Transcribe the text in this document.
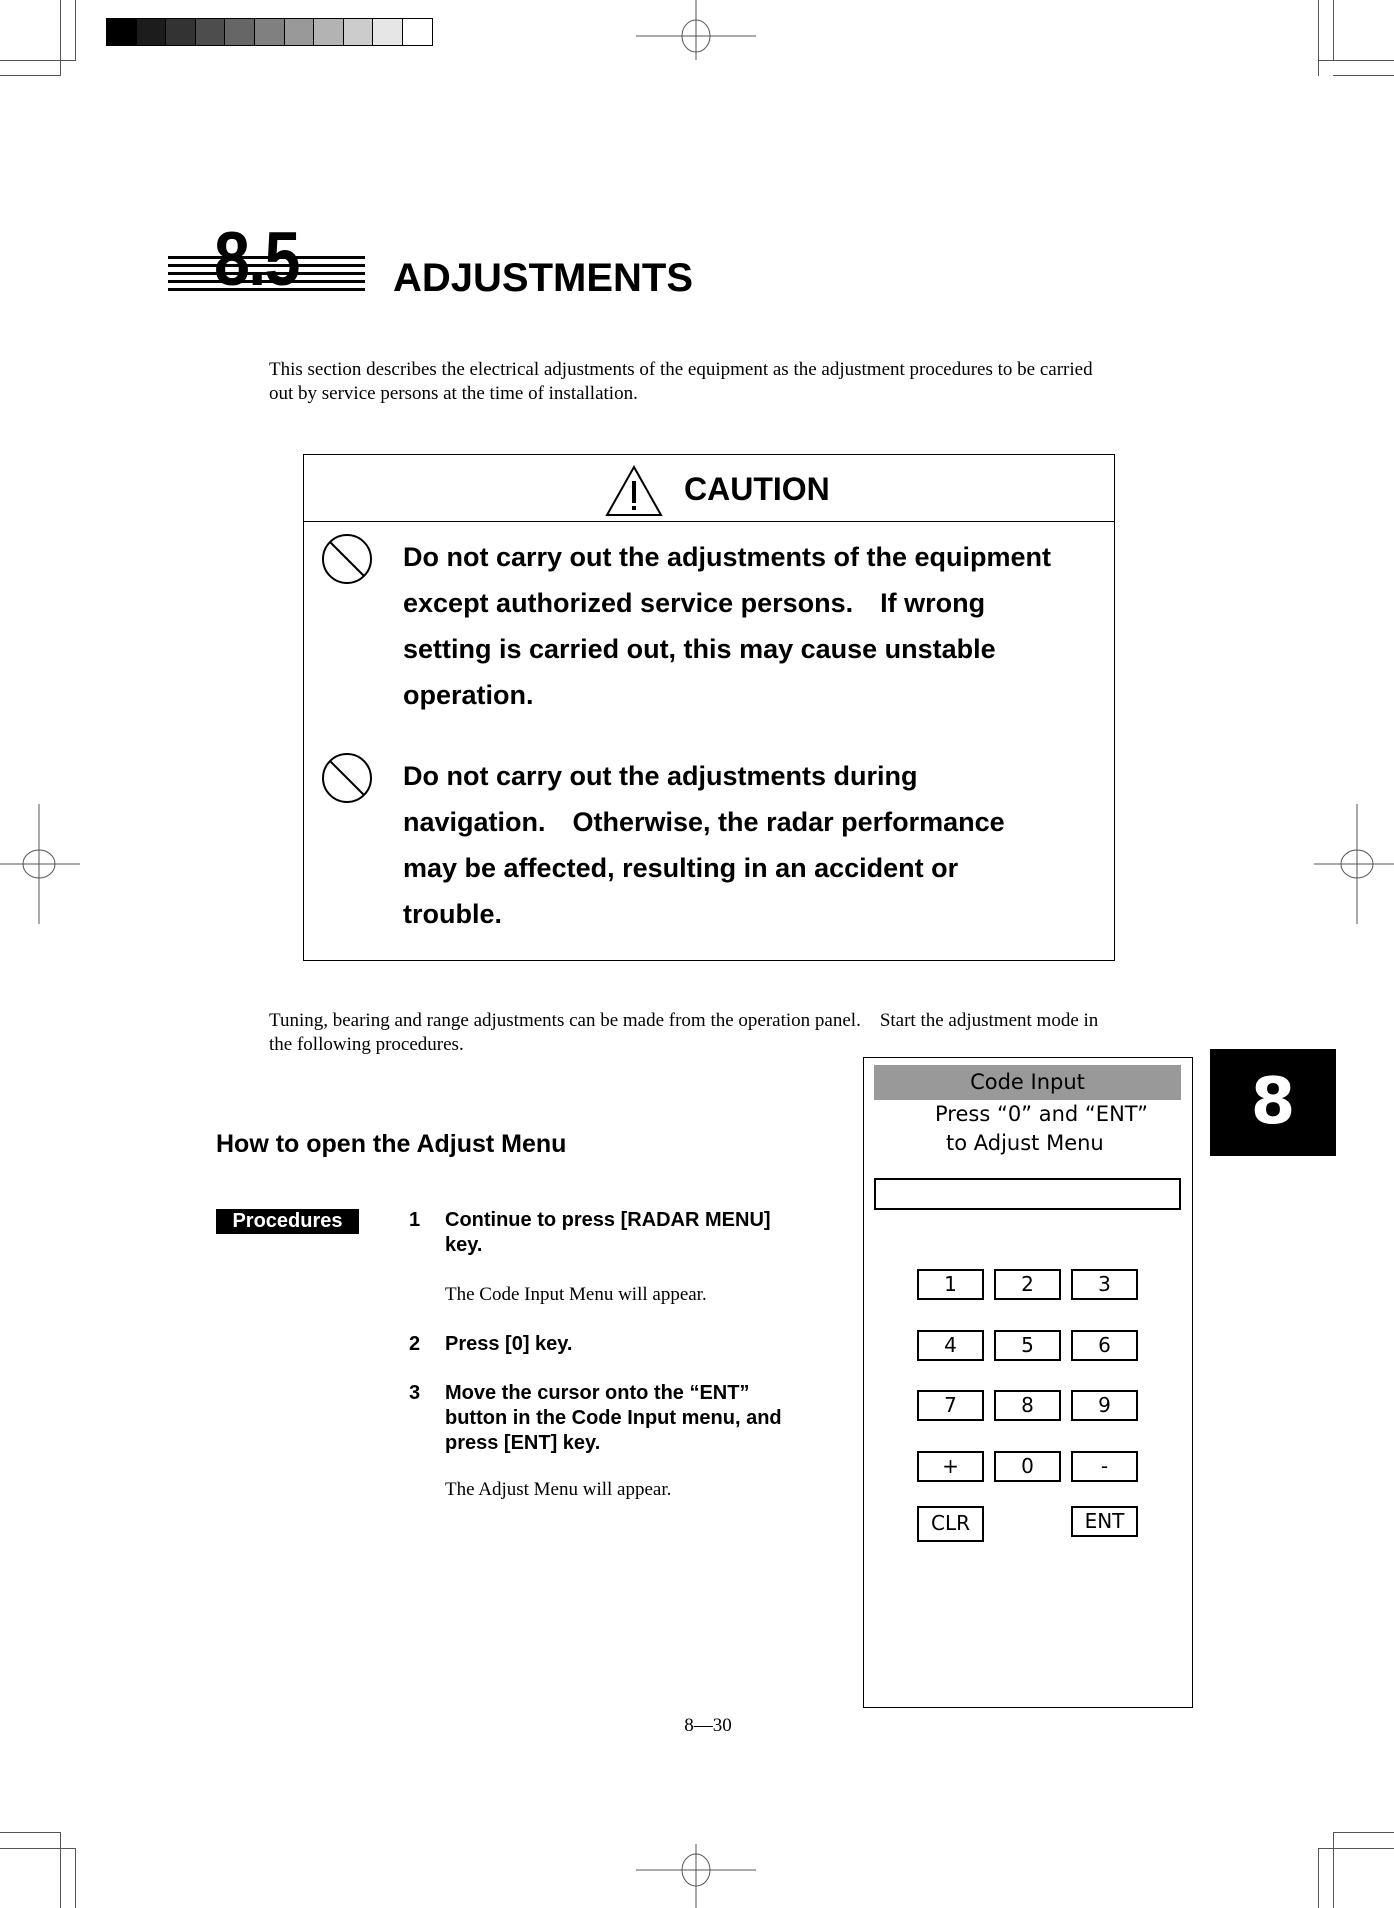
8.5 ADJUSTMENTS
This section describes the electrical adjustments of the equipment as the adjustment procedures to be carried
out by service persons at the time of installation.
CAUTION
Do not carry out the adjustments of the equipment
except authorized service persons.　If wrong
setting is carried out, this may cause unstable
operation.
Do not carry out the adjustments during
navigation.　Otherwise, the radar performance
may be affected, resulting in an accident or
trouble.
Tuning, bearing and range adjustments can be made from the operation panel.　Start the adjustment mode in
the following procedures.
How to open the Adjust Menu
Procedures	1 Continue to press [RADAR MENU]
key.
The Code Input Menu will appear.
2 Press [0] key.
3 Move the cursor onto the “ENT”
button in the Code Input menu, and
press [ENT] key.
The Adjust Menu will appear.
Code Input
Press “0” and “ENT”
to Adjust Menu
1	2	3
4	5	6
7	8	9
+	0	-
CLR	ENT
8
8—30
